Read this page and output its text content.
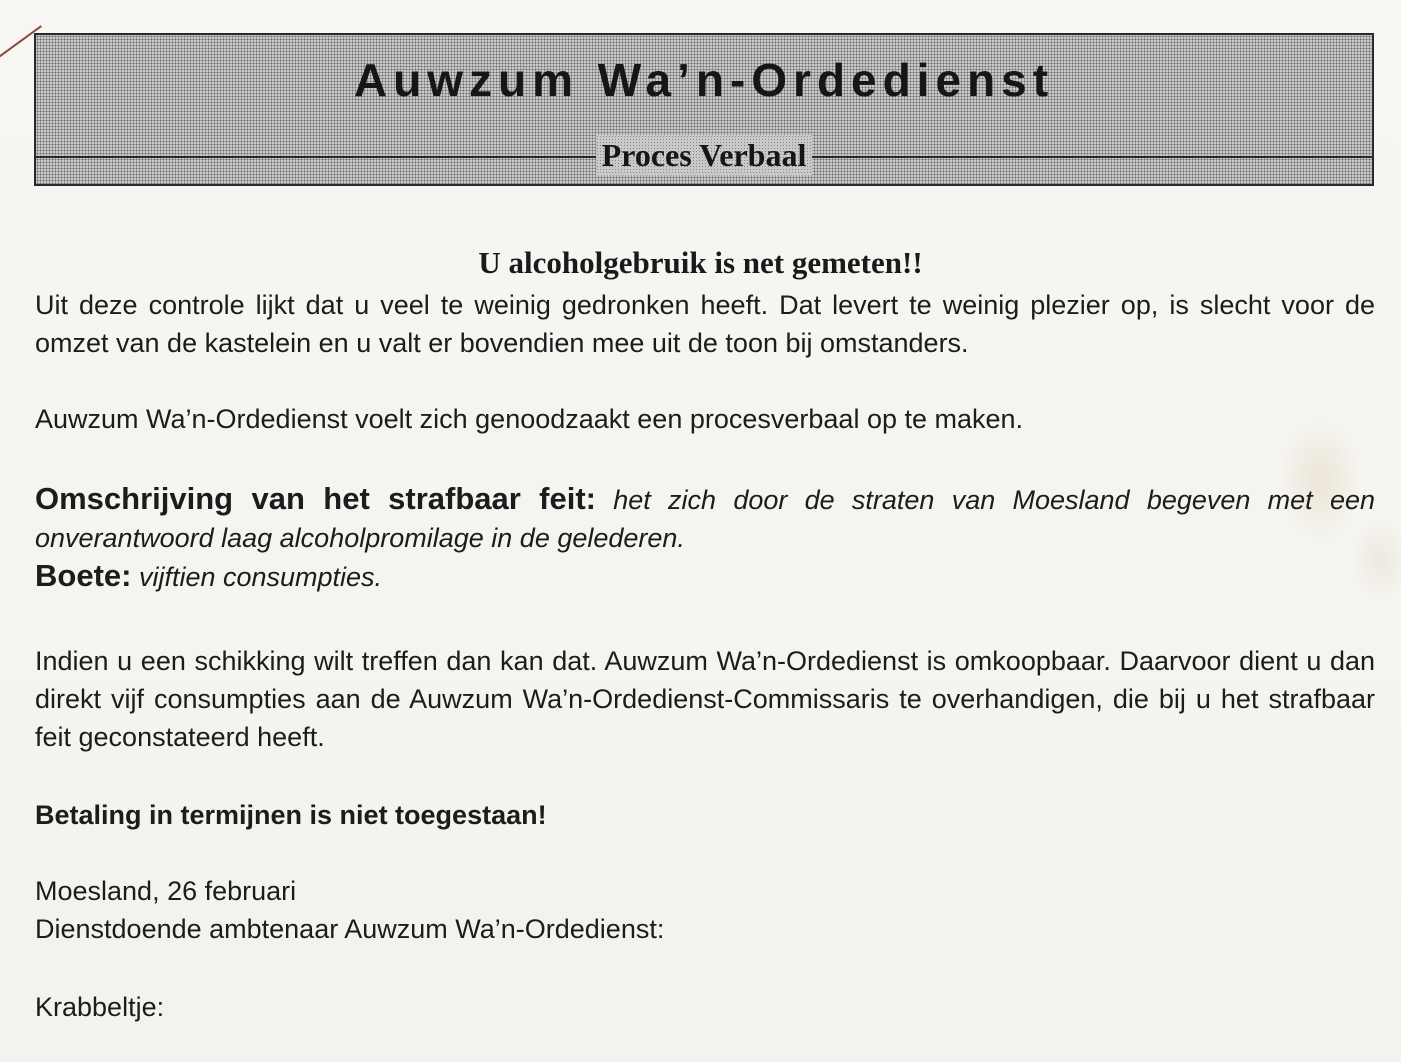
Auwzum Wa’n-Ordedienst
Proces Verbaal
U alcoholgebruik is net gemeten!!
Uit deze controle lijkt dat u veel te weinig gedronken heeft. Dat levert te weinig plezier op, is slecht voor de omzet van de kastelein en u valt er bovendien mee uit de toon bij omstanders.
Auwzum Wa’n-Ordedienst voelt zich genoodzaakt een procesverbaal op te maken.
Omschrijving van het strafbaar feit: het zich door de straten van Moesland begeven met een onverantwoord laag alcoholpromilage in de gelederen.
Boete: vijftien consumpties.
Indien u een schikking wilt treffen dan kan dat. Auwzum Wa’n-Ordedienst is omkoopbaar. Daarvoor dient u dan direkt vijf consumpties aan de Auwzum Wa’n-Ordedienst-Commissaris te overhandigen, die bij u het strafbaar feit geconstateerd heeft.
Betaling in termijnen is niet toegestaan!
Moesland, 26 februari
Dienstdoende ambtenaar Auwzum Wa’n-Ordedienst:
Krabbeltje:
